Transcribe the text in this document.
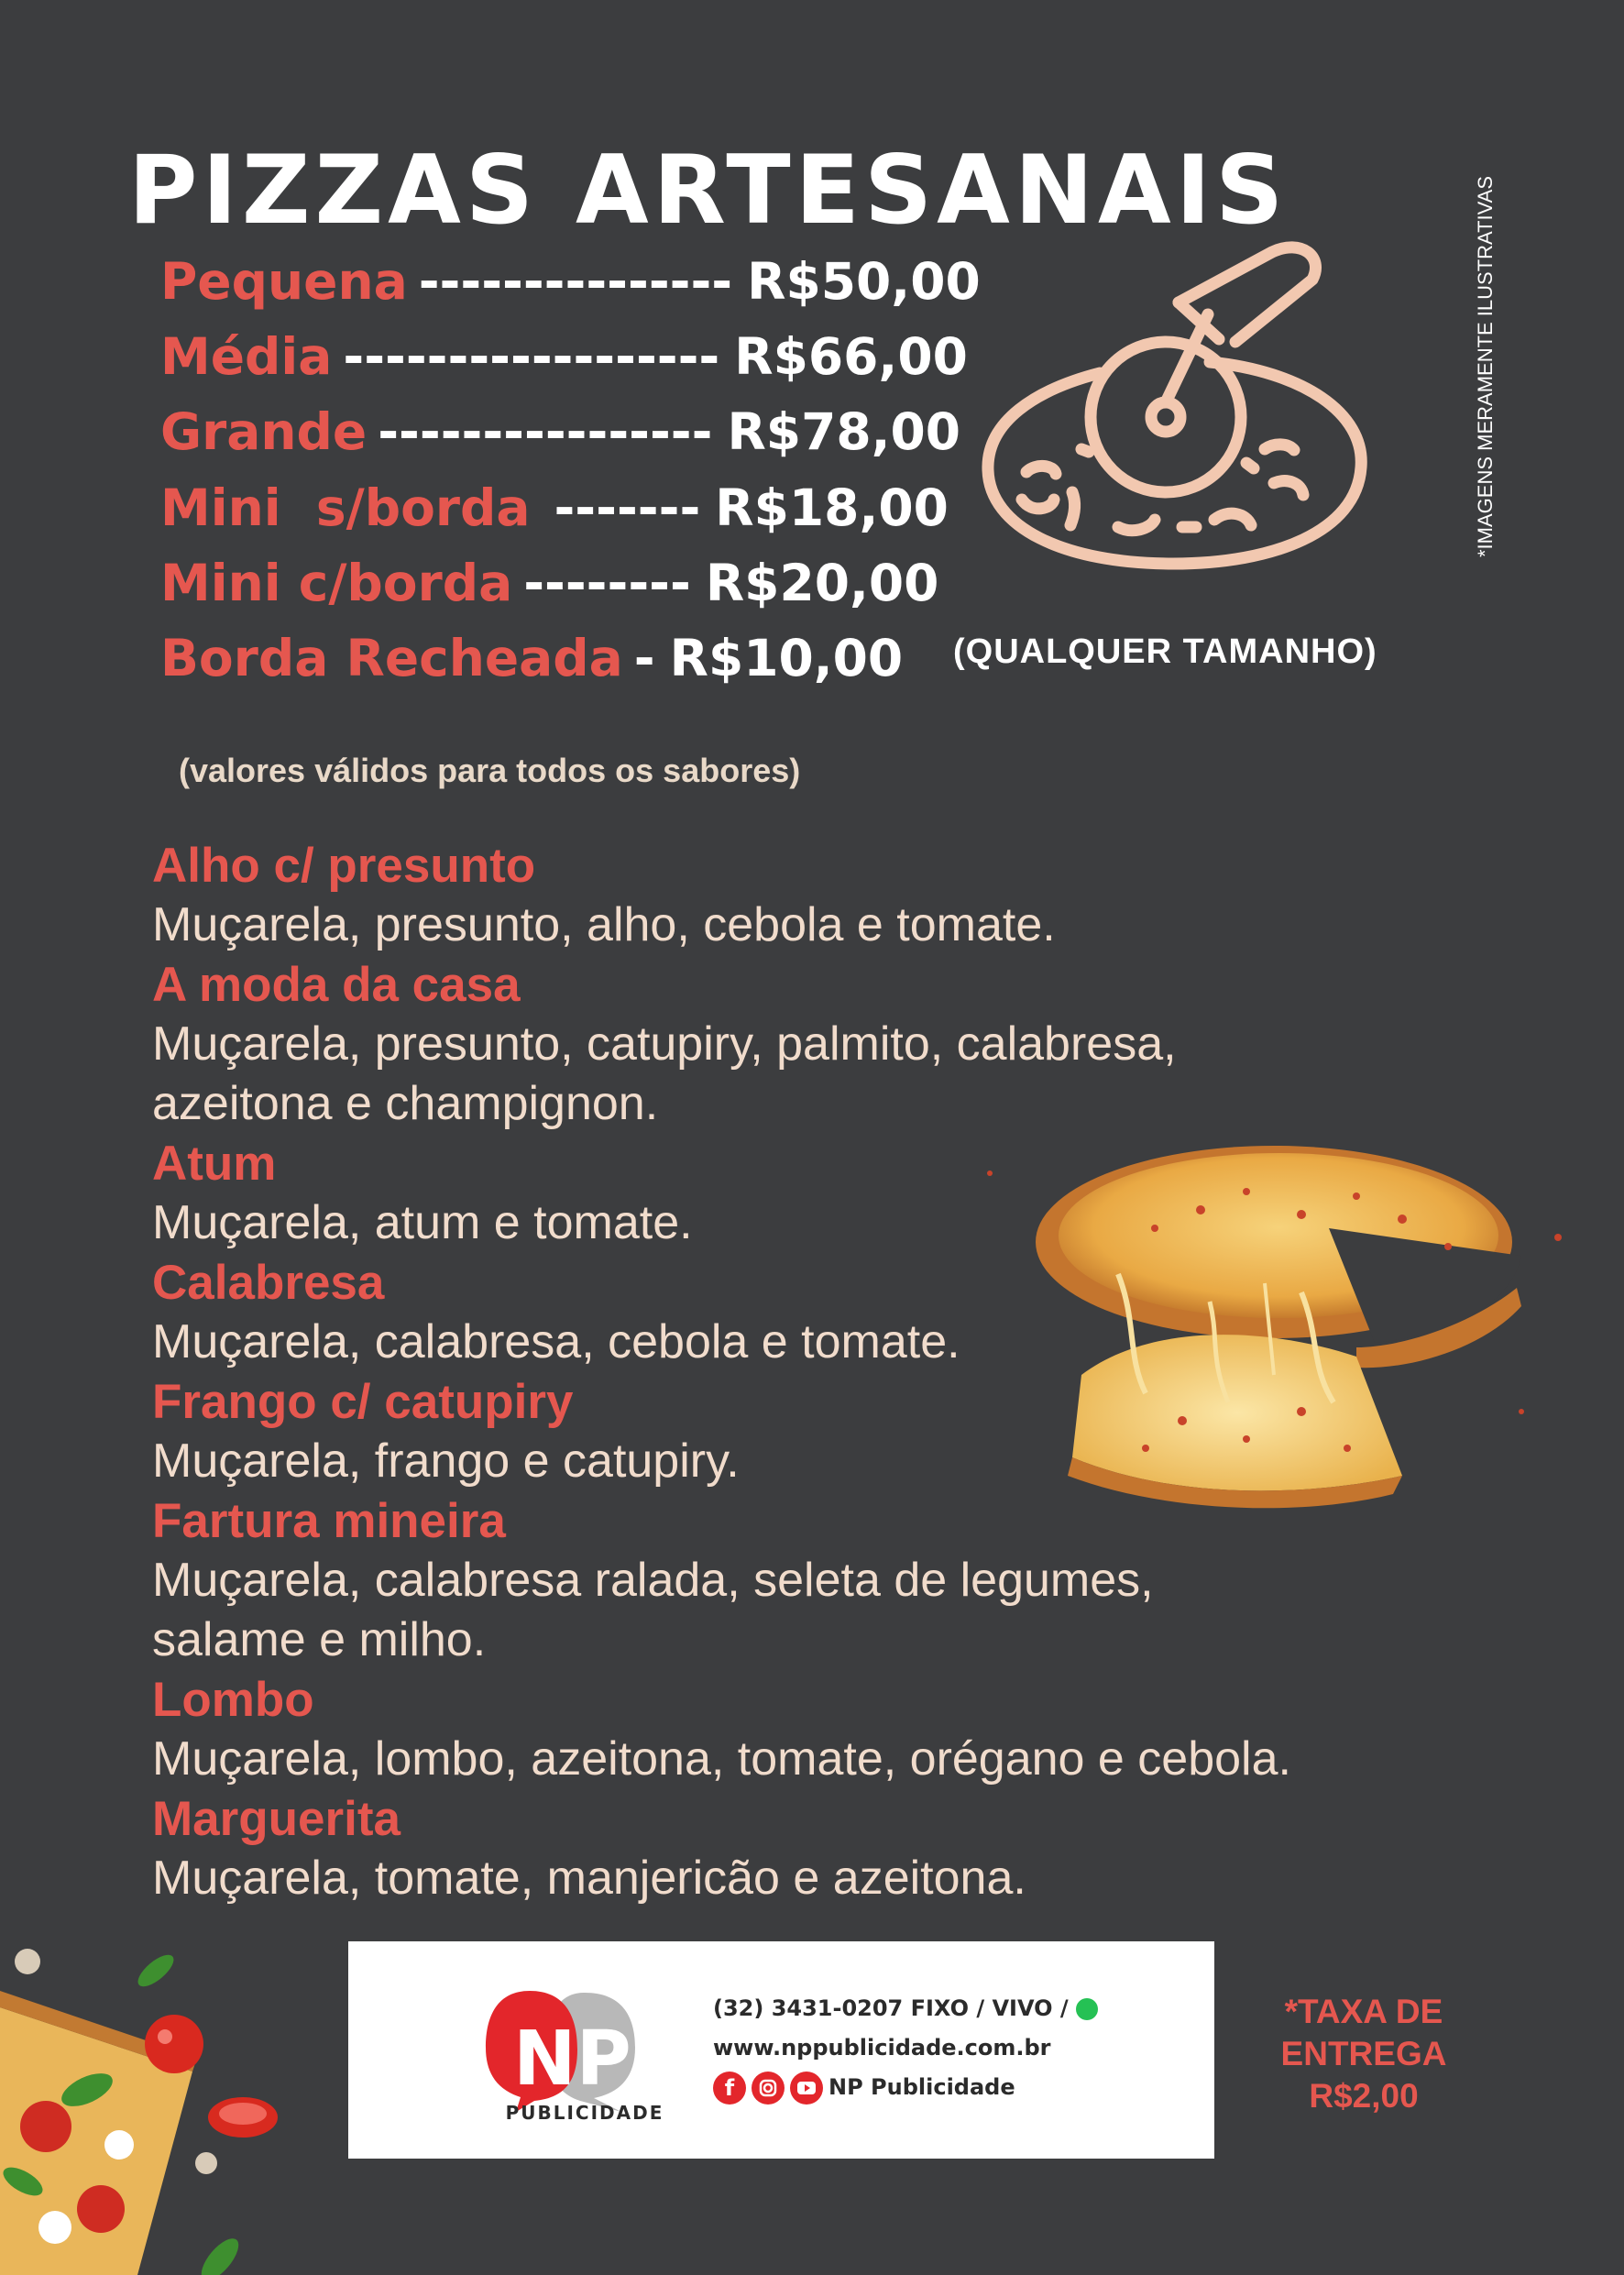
PIZZAS ARTESANAIS	*IMAGENS MERAMENTE ILUSTRATIVAS
Pequena --------------- R$50,00
Média ------------------ R$66,00
Grande ---------------- R$78,00
Mini  s/borda ------- R$18,00
Mini c/borda -------- R$20,00
Borda Recheada - R$10,00 (QUALQUER TAMANHO)
(valores válidos para todos os sabores)
Alho c/ presunto
Muçarela, presunto, alho, cebola e tomate.
A moda da casa
Muçarela, presunto, catupiry, palmito, calabresa,
azeitona e champignon.
Atum
Muçarela, atum e tomate.
Calabresa
Muçarela, calabresa, cebola e tomate.
Frango c/ catupiry
Muçarela, frango e catupiry.
Fartura mineira
Muçarela, calabresa ralada, seleta de legumes,
salame e milho.
Lombo
Muçarela, lombo, azeitona, tomate, orégano e cebola.
Marguerita
Muçarela, tomate, manjericão e azeitona.
NP
PUBLICIDADE
(32) 3431-0207 FIXO / VIVO /
www.nppublicidade.com.br
f	NP Publicidade
*TAXA DE
ENTREGA
R$2,00
